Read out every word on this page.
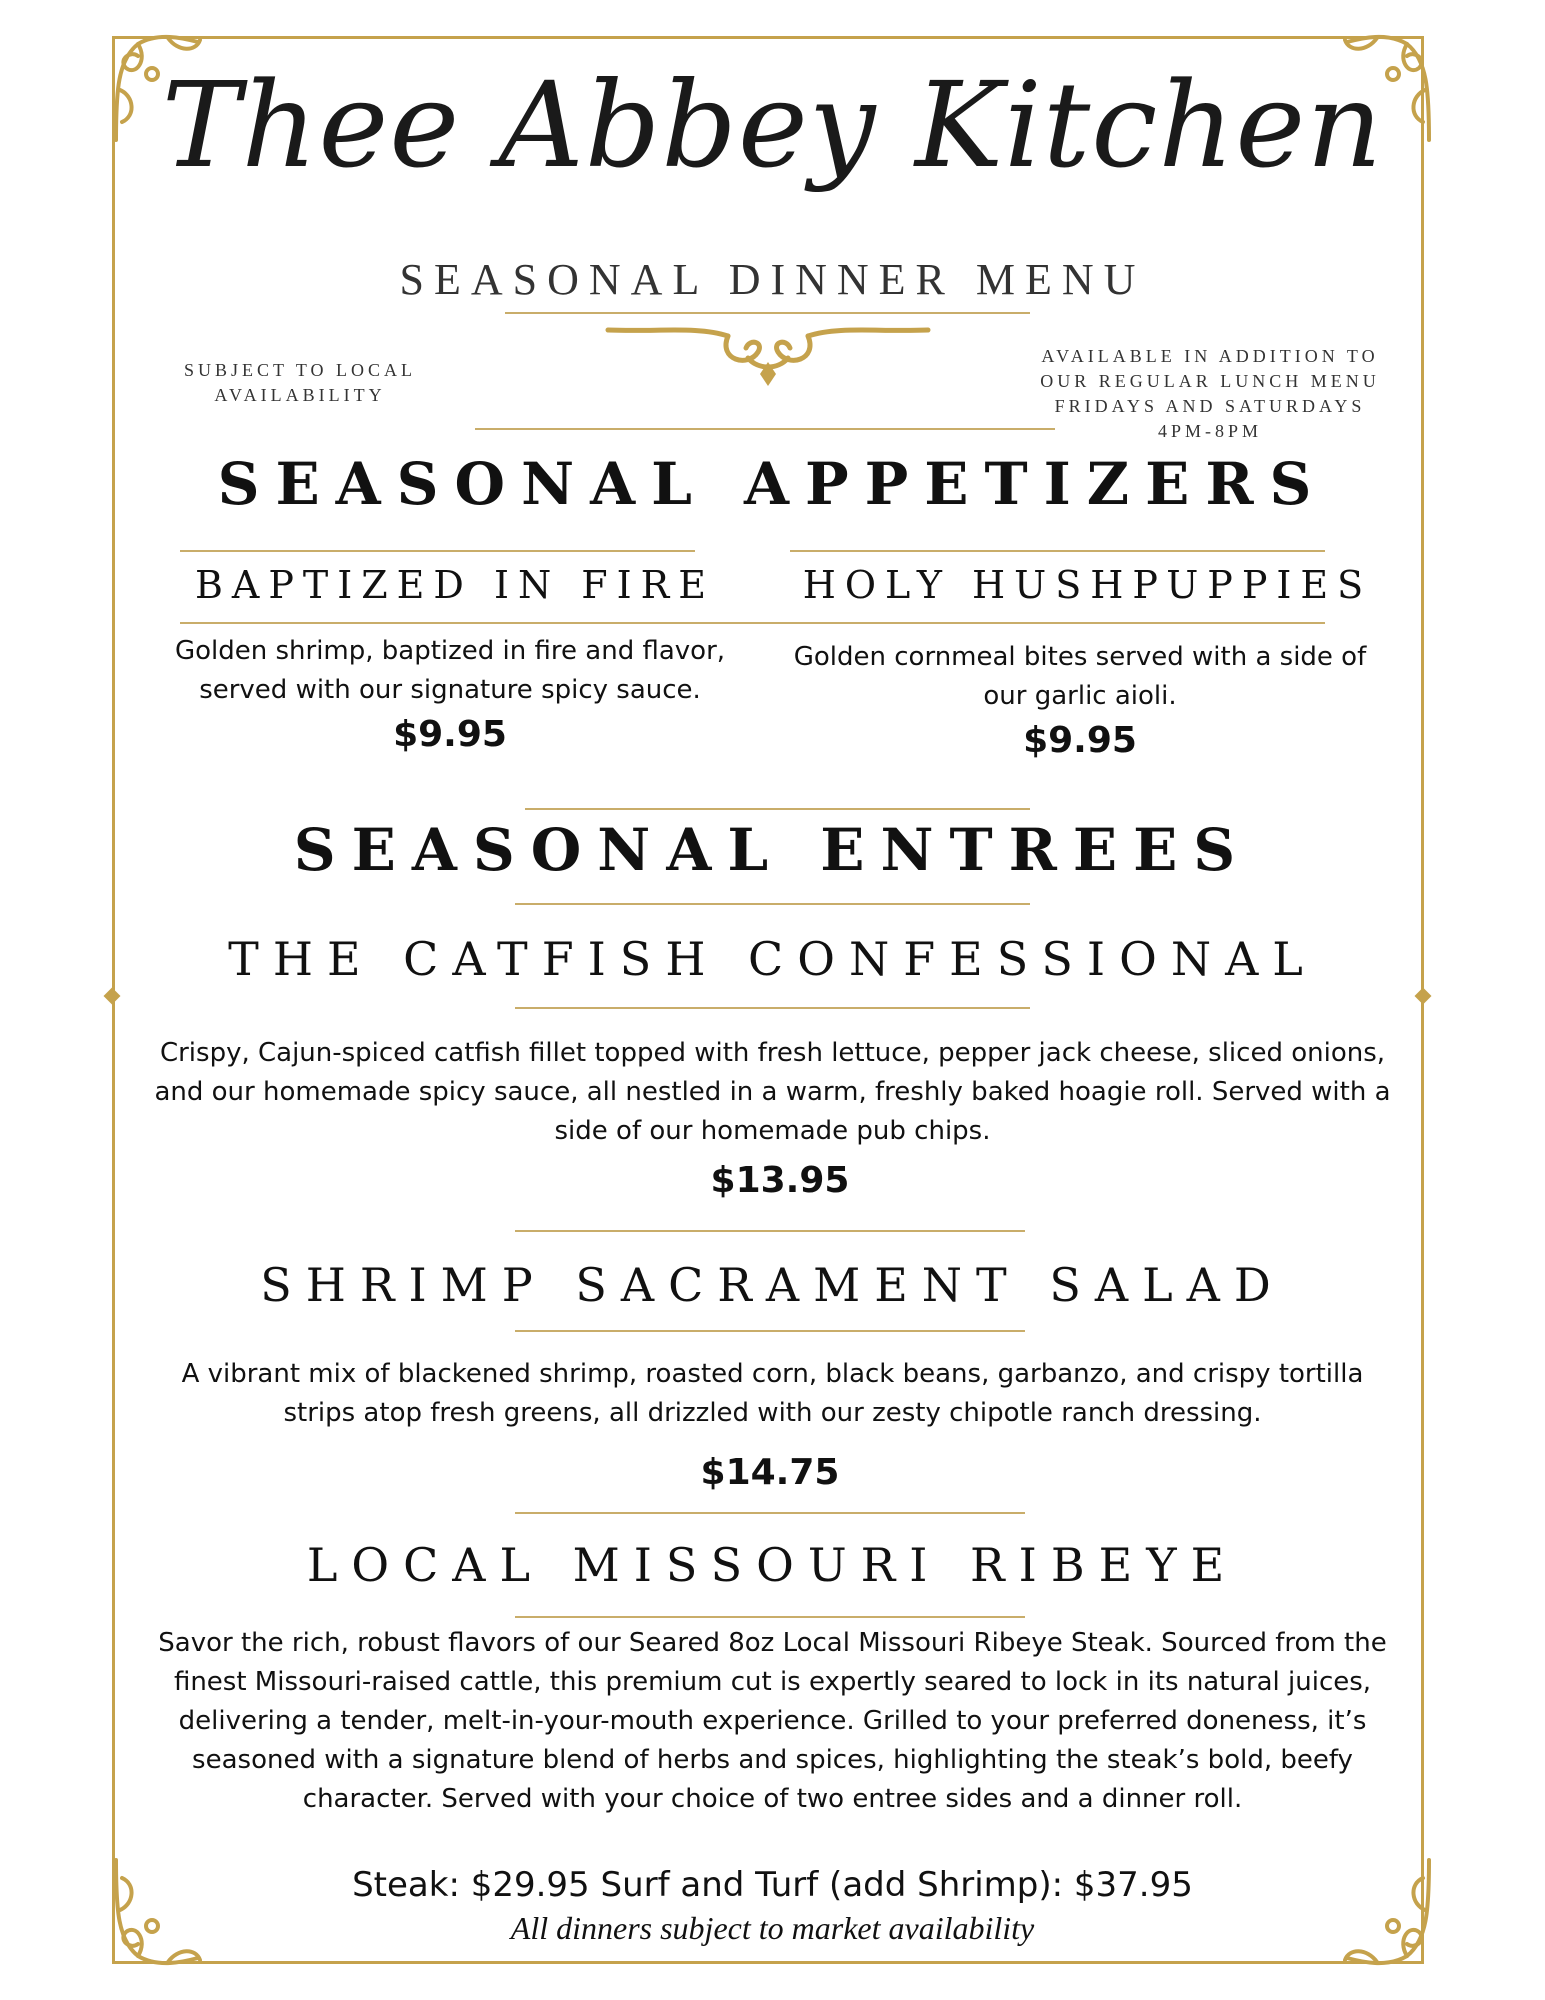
Thee Abbey Kitchen
SEASONAL DINNER MENU
SUBJECT TO LOCAL AVAILABILITY
AVAILABLE IN ADDITION TO
OUR REGULAR LUNCH MENU
FRIDAYS AND SATURDAYS
4PM-8PM
SEASONAL APPETIZERS
BAPTIZED IN FIRE	HOLY HUSHPUPPIES
Golden shrimp, baptized in fire and flavor, served with our signature spicy sauce.
Golden cornmeal bites served with a side of our garlic aioli.
$9.95	$9.95
SEASONAL ENTREES
THE CATFISH CONFESSIONAL
Crispy, Cajun-spiced catfish fillet topped with fresh lettuce, pepper jack cheese, sliced onions, and our homemade spicy sauce, all nestled in a warm, freshly baked hoagie roll. Served with a side of our homemade pub chips.
$13.95
SHRIMP SACRAMENT SALAD
A vibrant mix of blackened shrimp, roasted corn, black beans, garbanzo, and crispy tortilla strips atop fresh greens, all drizzled with our zesty chipotle ranch dressing.
$14.75
LOCAL MISSOURI RIBEYE
Savor the rich, robust flavors of our Seared 8oz Local Missouri Ribeye Steak. Sourced from the finest Missouri-raised cattle, this premium cut is expertly seared to lock in its natural juices, delivering a tender, melt-in-your-mouth experience. Grilled to your preferred doneness, it’s seasoned with a signature blend of herbs and spices, highlighting the steak’s bold, beefy character. Served with your choice of two entree sides and a dinner roll.
Steak: $29.95 Surf and Turf (add Shrimp): $37.95
All dinners subject to market availability
